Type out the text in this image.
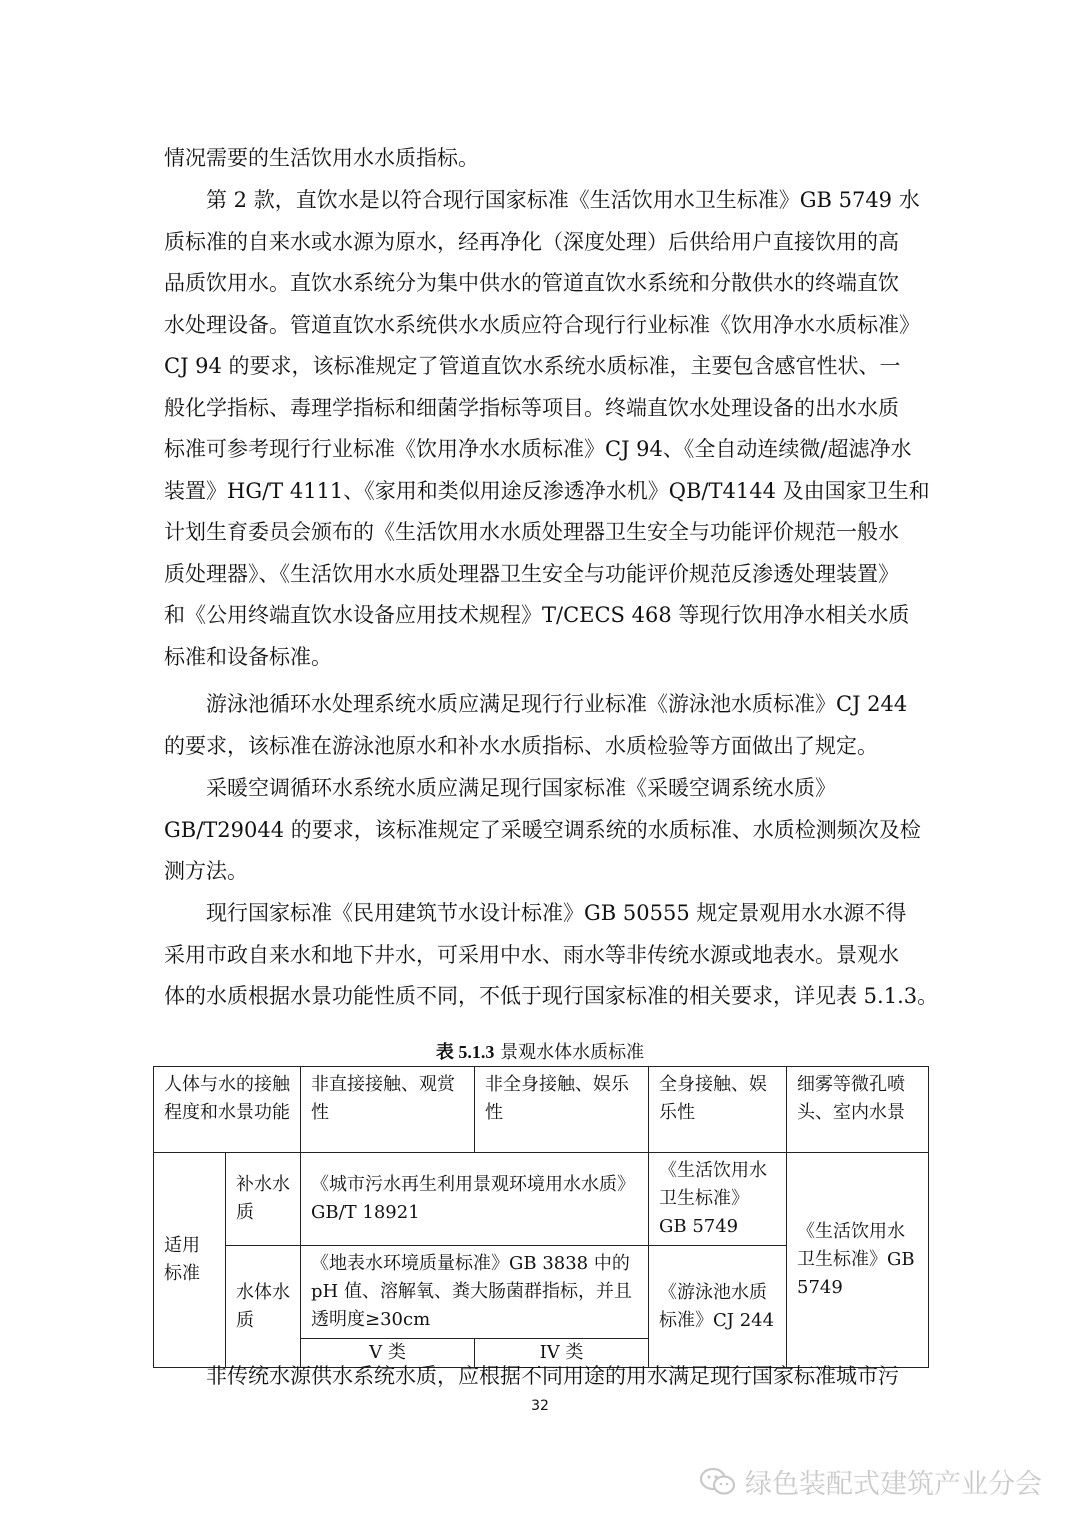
情况需要的生活饮用水水质指标。

　　第 2 款，直饮水是以符合现行国家标准《生活饮用水卫生标准》GB 5749 水
质标准的自来水或水源为原水，经再净化（深度处理）后供给用户直接饮用的高
品质饮用水。直饮水系统分为集中供水的管道直饮水系统和分散供水的终端直饮
水处理设备。管道直饮水系统供水水质应符合现行行业标准《饮用净水水质标准》
CJ 94 的要求，该标准规定了管道直饮水系统水质标准，主要包含感官性状、一
般化学指标、毒理学指标和细菌学指标等项目。终端直饮水处理设备的出水水质
标准可参考现行行业标准《饮用净水水质标准》CJ 94、《全自动连续微/超滤净水
装置》HG/T 4111、《家用和类似用途反渗透净水机》QB/T4144 及由国家卫生和
计划生育委员会颁布的《生活饮用水水质处理器卫生安全与功能评价规范一般水
质处理器》、《生活饮用水水质处理器卫生安全与功能评价规范反渗透处理装置》
和《公用终端直饮水设备应用技术规程》T/CECS 468 等现行饮用净水相关水质
标准和设备标准。

　　游泳池循环水处理系统水质应满足现行行业标准《游泳池水质标准》CJ 244
的要求，该标准在游泳池原水和补水水质指标、水质检验等方面做出了规定。

　　采暖空调循环水系统水质应满足现行国家标准《采暖空调系统水质》
GB/T29044 的要求，该标准规定了采暖空调系统的水质标准、水质检测频次及检
测方法。

　　现行国家标准《民用建筑节水设计标准》GB 50555 规定景观用水水源不得
采用市政自来水和地下井水，可采用中水、雨水等非传统水源或地表水。景观水
体的水质根据水景功能性质不同，不低于现行国家标准的相关要求，详见表 5.1.3。

表 5.1.3 景观水体水质标准
人体与水的接触程度和水景功能		非直接接触、观赏性	非全身接触、娱乐性	全身接触、娱乐性	细雾等微孔喷头、室内水景
适用标准	补水水质	《城市污水再生利用景观环境用水水质》GB/T 18921		《生活饮用水卫生标准》GB 5749	《生活饮用水卫生标准》GB 5749
	水体水质	《地表水环境质量标准》GB 3838 中的 pH 值、溶解氧、粪大肠菌群指标，并且透明度≥30cm		《游泳池水质标准》CJ 244	
		V 类	IV 类		

　　非传统水源供水系统水质，应根据不同用途的用水满足现行国家标准城市污

32
绿色装配式建筑产业分会
